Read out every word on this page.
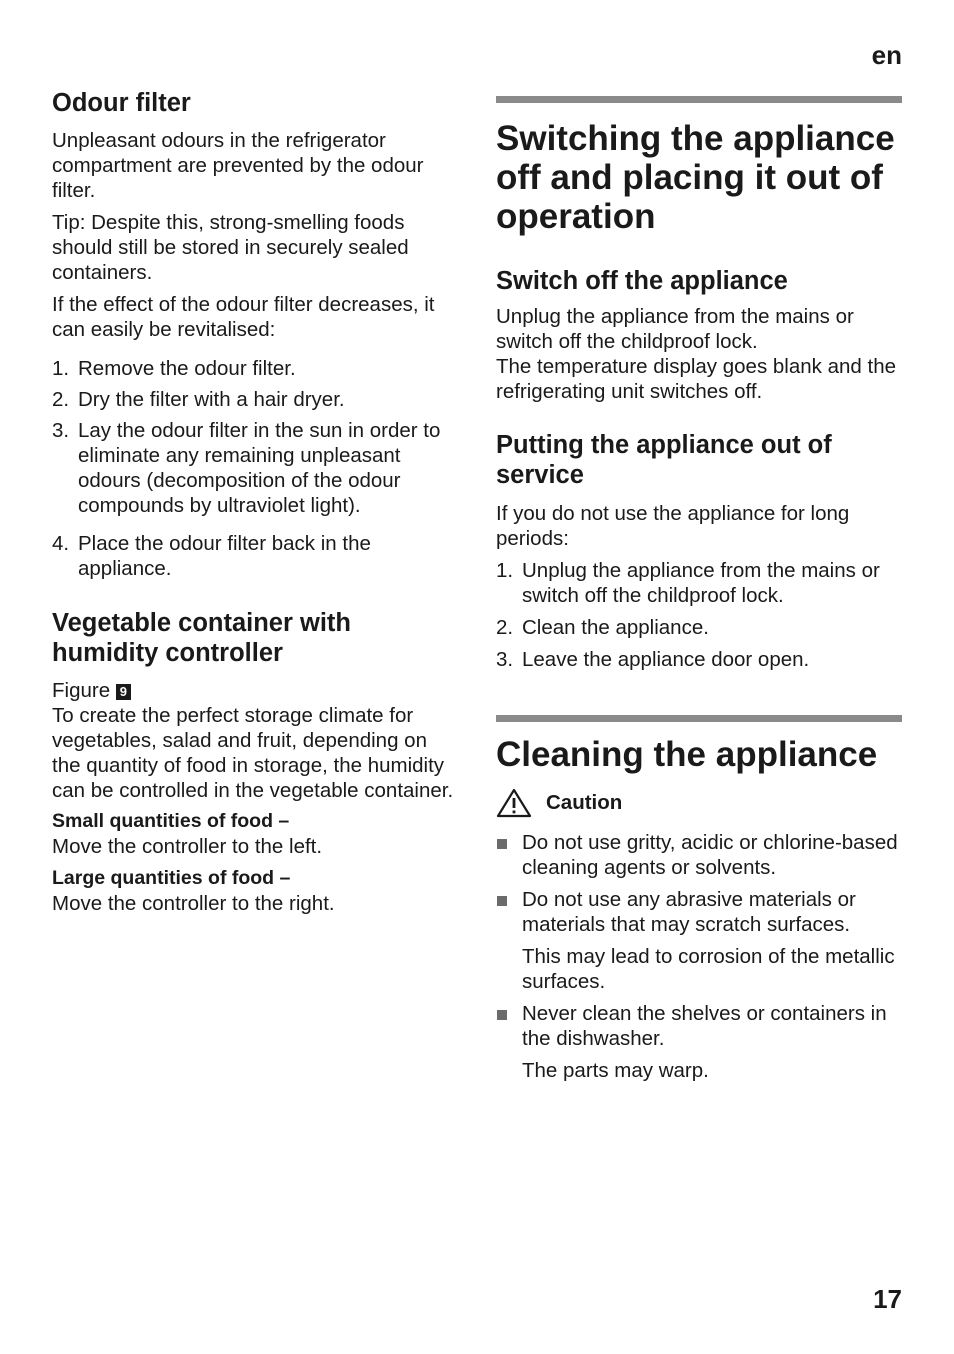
en
Odour filter

Unpleasant odours in the refrigerator compartment are prevented by the odour filter.

Tip: Despite this, strong-smelling foods should still be stored in securely sealed containers.

If the effect of the odour filter decreases, it can easily be revitalised:

1. Remove the odour filter.
2. Dry the filter with a hair dryer.
3. Lay the odour filter in the sun in order to eliminate any remaining unpleasant odours (decomposition of the odour compounds by ultraviolet light).
4. Place the odour filter back in the appliance.
Vegetable container with humidity controller

Figure 9

To create the perfect storage climate for vegetables, salad and fruit, depending on the quantity of food in storage, the humidity can be controlled in the vegetable container.

Small quantities of food –

Move the controller to the left.

Large quantities of food –

Move the controller to the right.

Switching the appliance off and placing it out of operation
Switch off the appliance

Unplug the appliance from the mains or switch off the childproof lock.

The temperature display goes blank and the refrigerating unit switches off.

Putting the appliance out of service

If you do not use the appliance for long periods:

1. Unplug the appliance from the mains or switch off the childproof lock.
2. Clean the appliance.
3. Leave the appliance door open.
Cleaning the appliance
Caution
Do not use gritty, acidic or chlorine-based cleaning agents or solvents.
Do not use any abrasive materials or materials that may scratch surfaces.
This may lead to corrosion of the metallic surfaces.
Never clean the shelves or containers in the dishwasher.
The parts may warp.
17
